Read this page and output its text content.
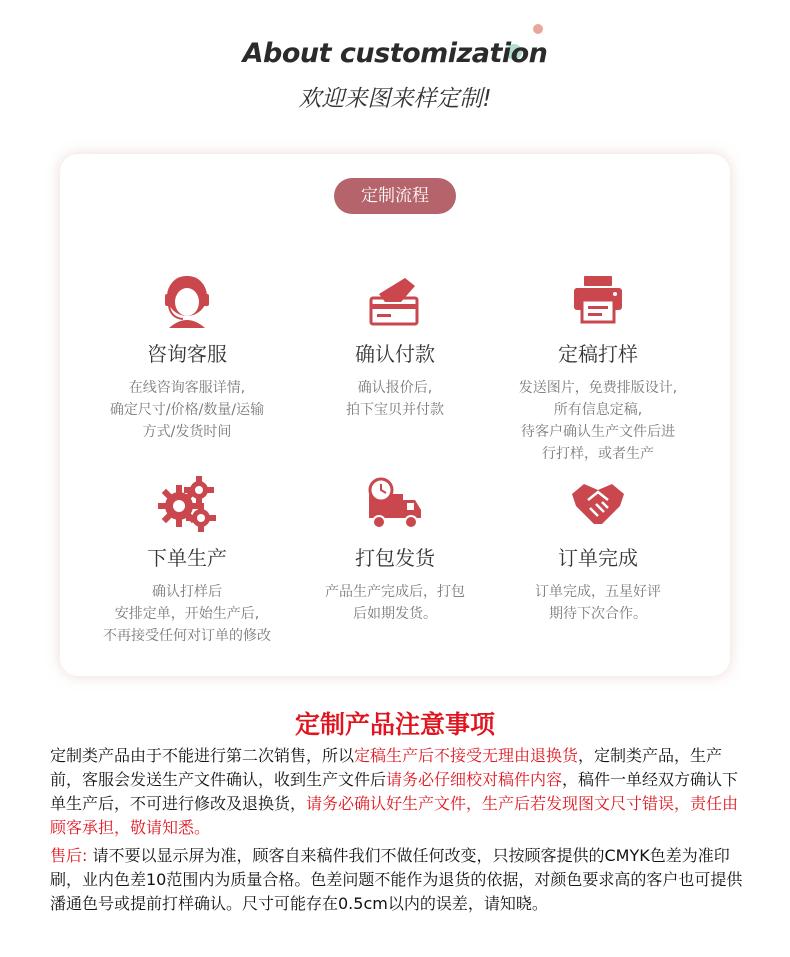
About customization
欢迎来图来样定制!
定制流程
咨询客服
在线咨询客服详情,
确定尺寸/价格/数量/运输
方式/发货时间
确认付款
确认报价后,
拍下宝贝并付款
定稿打样
发送图片，免费排版设计,
所有信息定稿,
待客户确认生产文件后进
行打样，或者生产
下单生产
确认打样后
安排定单，开始生产后,
不再接受任何对订单的修改
打包发货
产品生产完成后，打包
后如期发货。
订单完成
订单完成，五星好评
期待下次合作。
定制产品注意事项
定制类产品由于不能进行第二次销售，所以定稿生产后不接受无理由退换货，定制类产品，生产前，客服会发送生产文件确认，收到生产文件后请务必仔细校对稿件内容，稿件一单经双方确认下单生产后，不可进行修改及退换货，请务必确认好生产文件，生产后若发现图文尺寸错误，责任由顾客承担，敬请知悉。
售后: 请不要以显示屏为准，顾客自来稿件我们不做任何改变，只按顾客提供的CMYK色差为准印刷，业内色差10范围内为质量合格。色差问题不能作为退货的依据，对颜色要求高的客户也可提供潘通色号或提前打样确认。尺寸可能存在0.5cm以内的误差，请知晓。
